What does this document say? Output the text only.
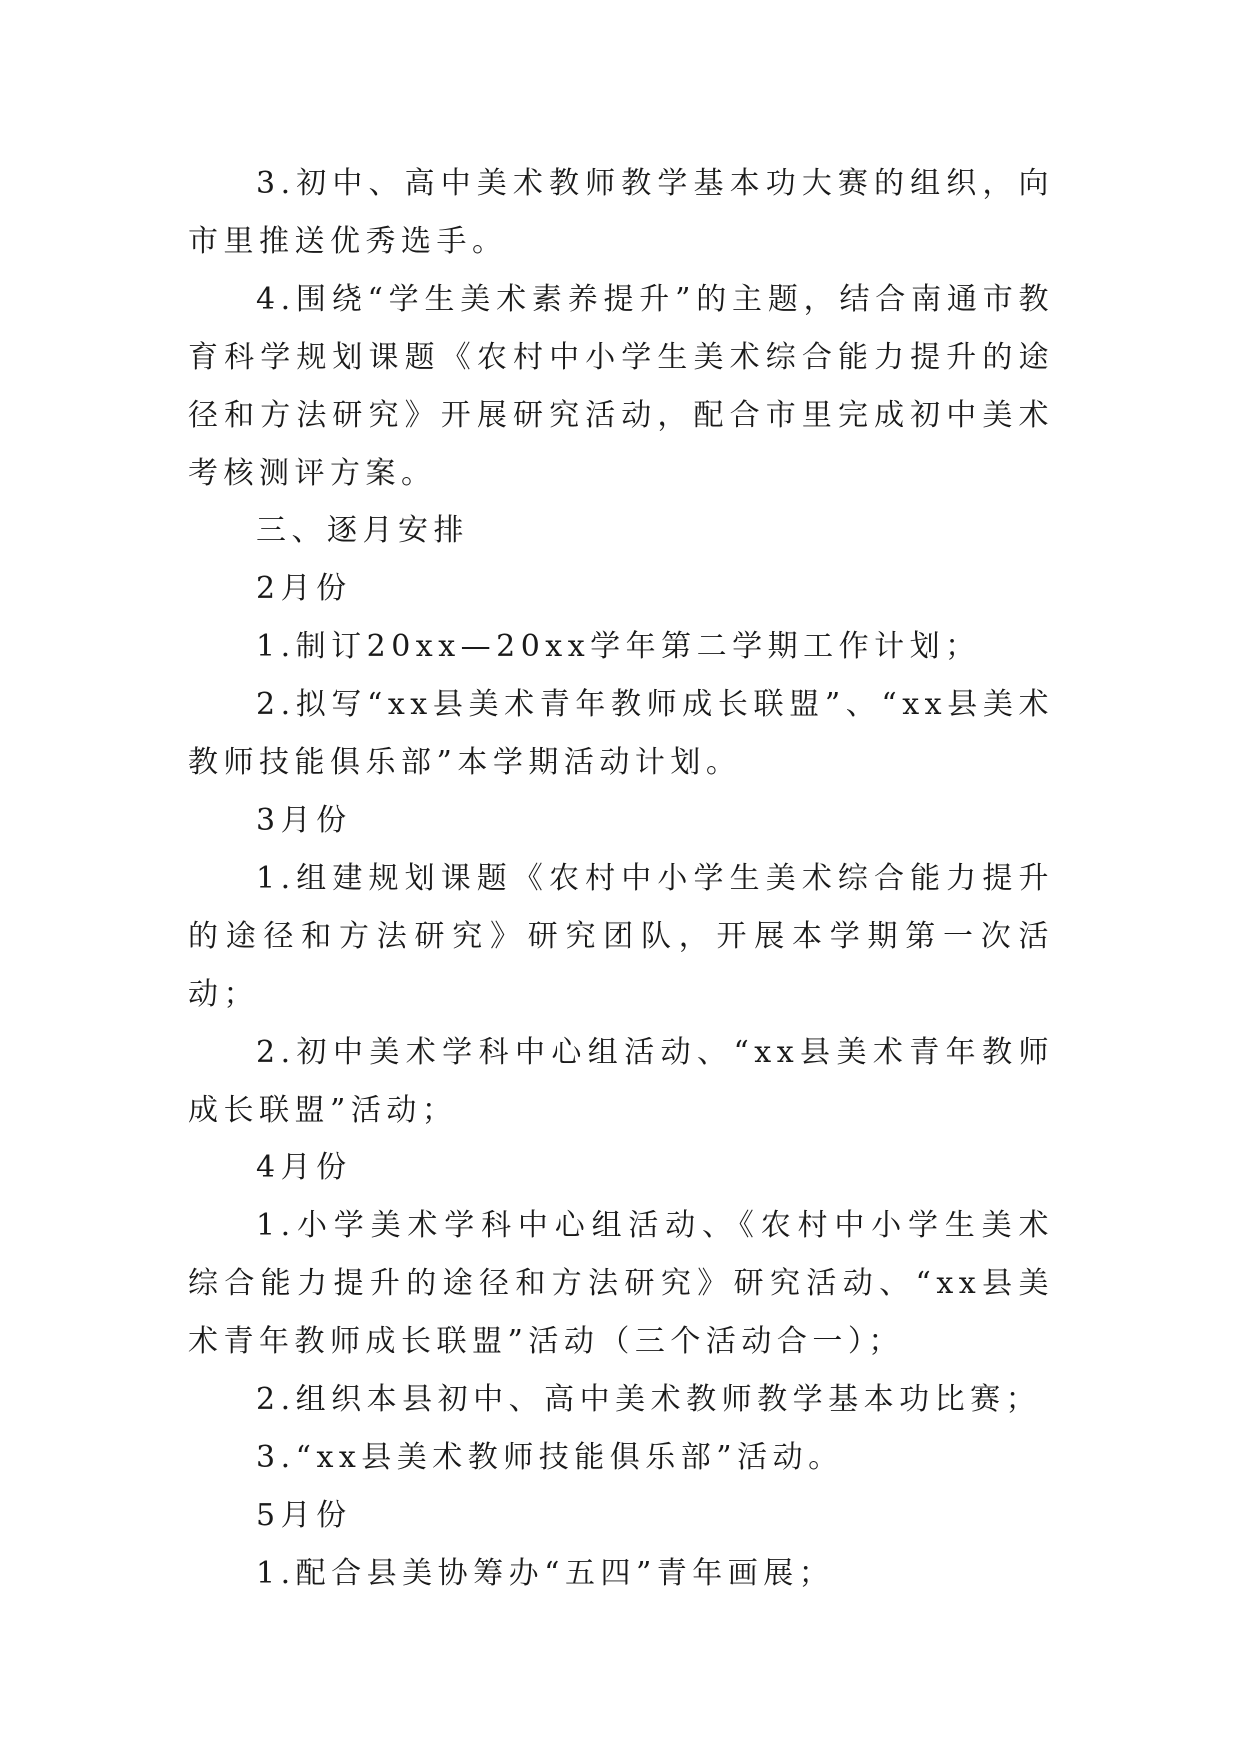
3.初中、高中美术教师教学基本功大赛的组织，向市里推送优秀选手。

4.围绕“学生美术素养提升”的主题，结合南通市教育科学规划课题《农村中小学生美术综合能力提升的途径和方法研究》开展研究活动，配合市里完成初中美术考核测评方案。

三、逐月安排

2月份

1.制订20xx—20xx学年第二学期工作计划；

2.拟写“xx县美术青年教师成长联盟”、“xx县美术教师技能俱乐部”本学期活动计划。

3月份

1.组建规划课题《农村中小学生美术综合能力提升的途径和方法研究》研究团队，开展本学期第一次活动；

2.初中美术学科中心组活动、“xx县美术青年教师成长联盟”活动；

4月份

1.小学美术学科中心组活动、《农村中小学生美术综合能力提升的途径和方法研究》研究活动、“xx县美术青年教师成长联盟”活动（三个活动合一）；

2.组织本县初中、高中美术教师教学基本功比赛；

3.“xx县美术教师技能俱乐部”活动。

5月份

1.配合县美协筹办“五四”青年画展；
